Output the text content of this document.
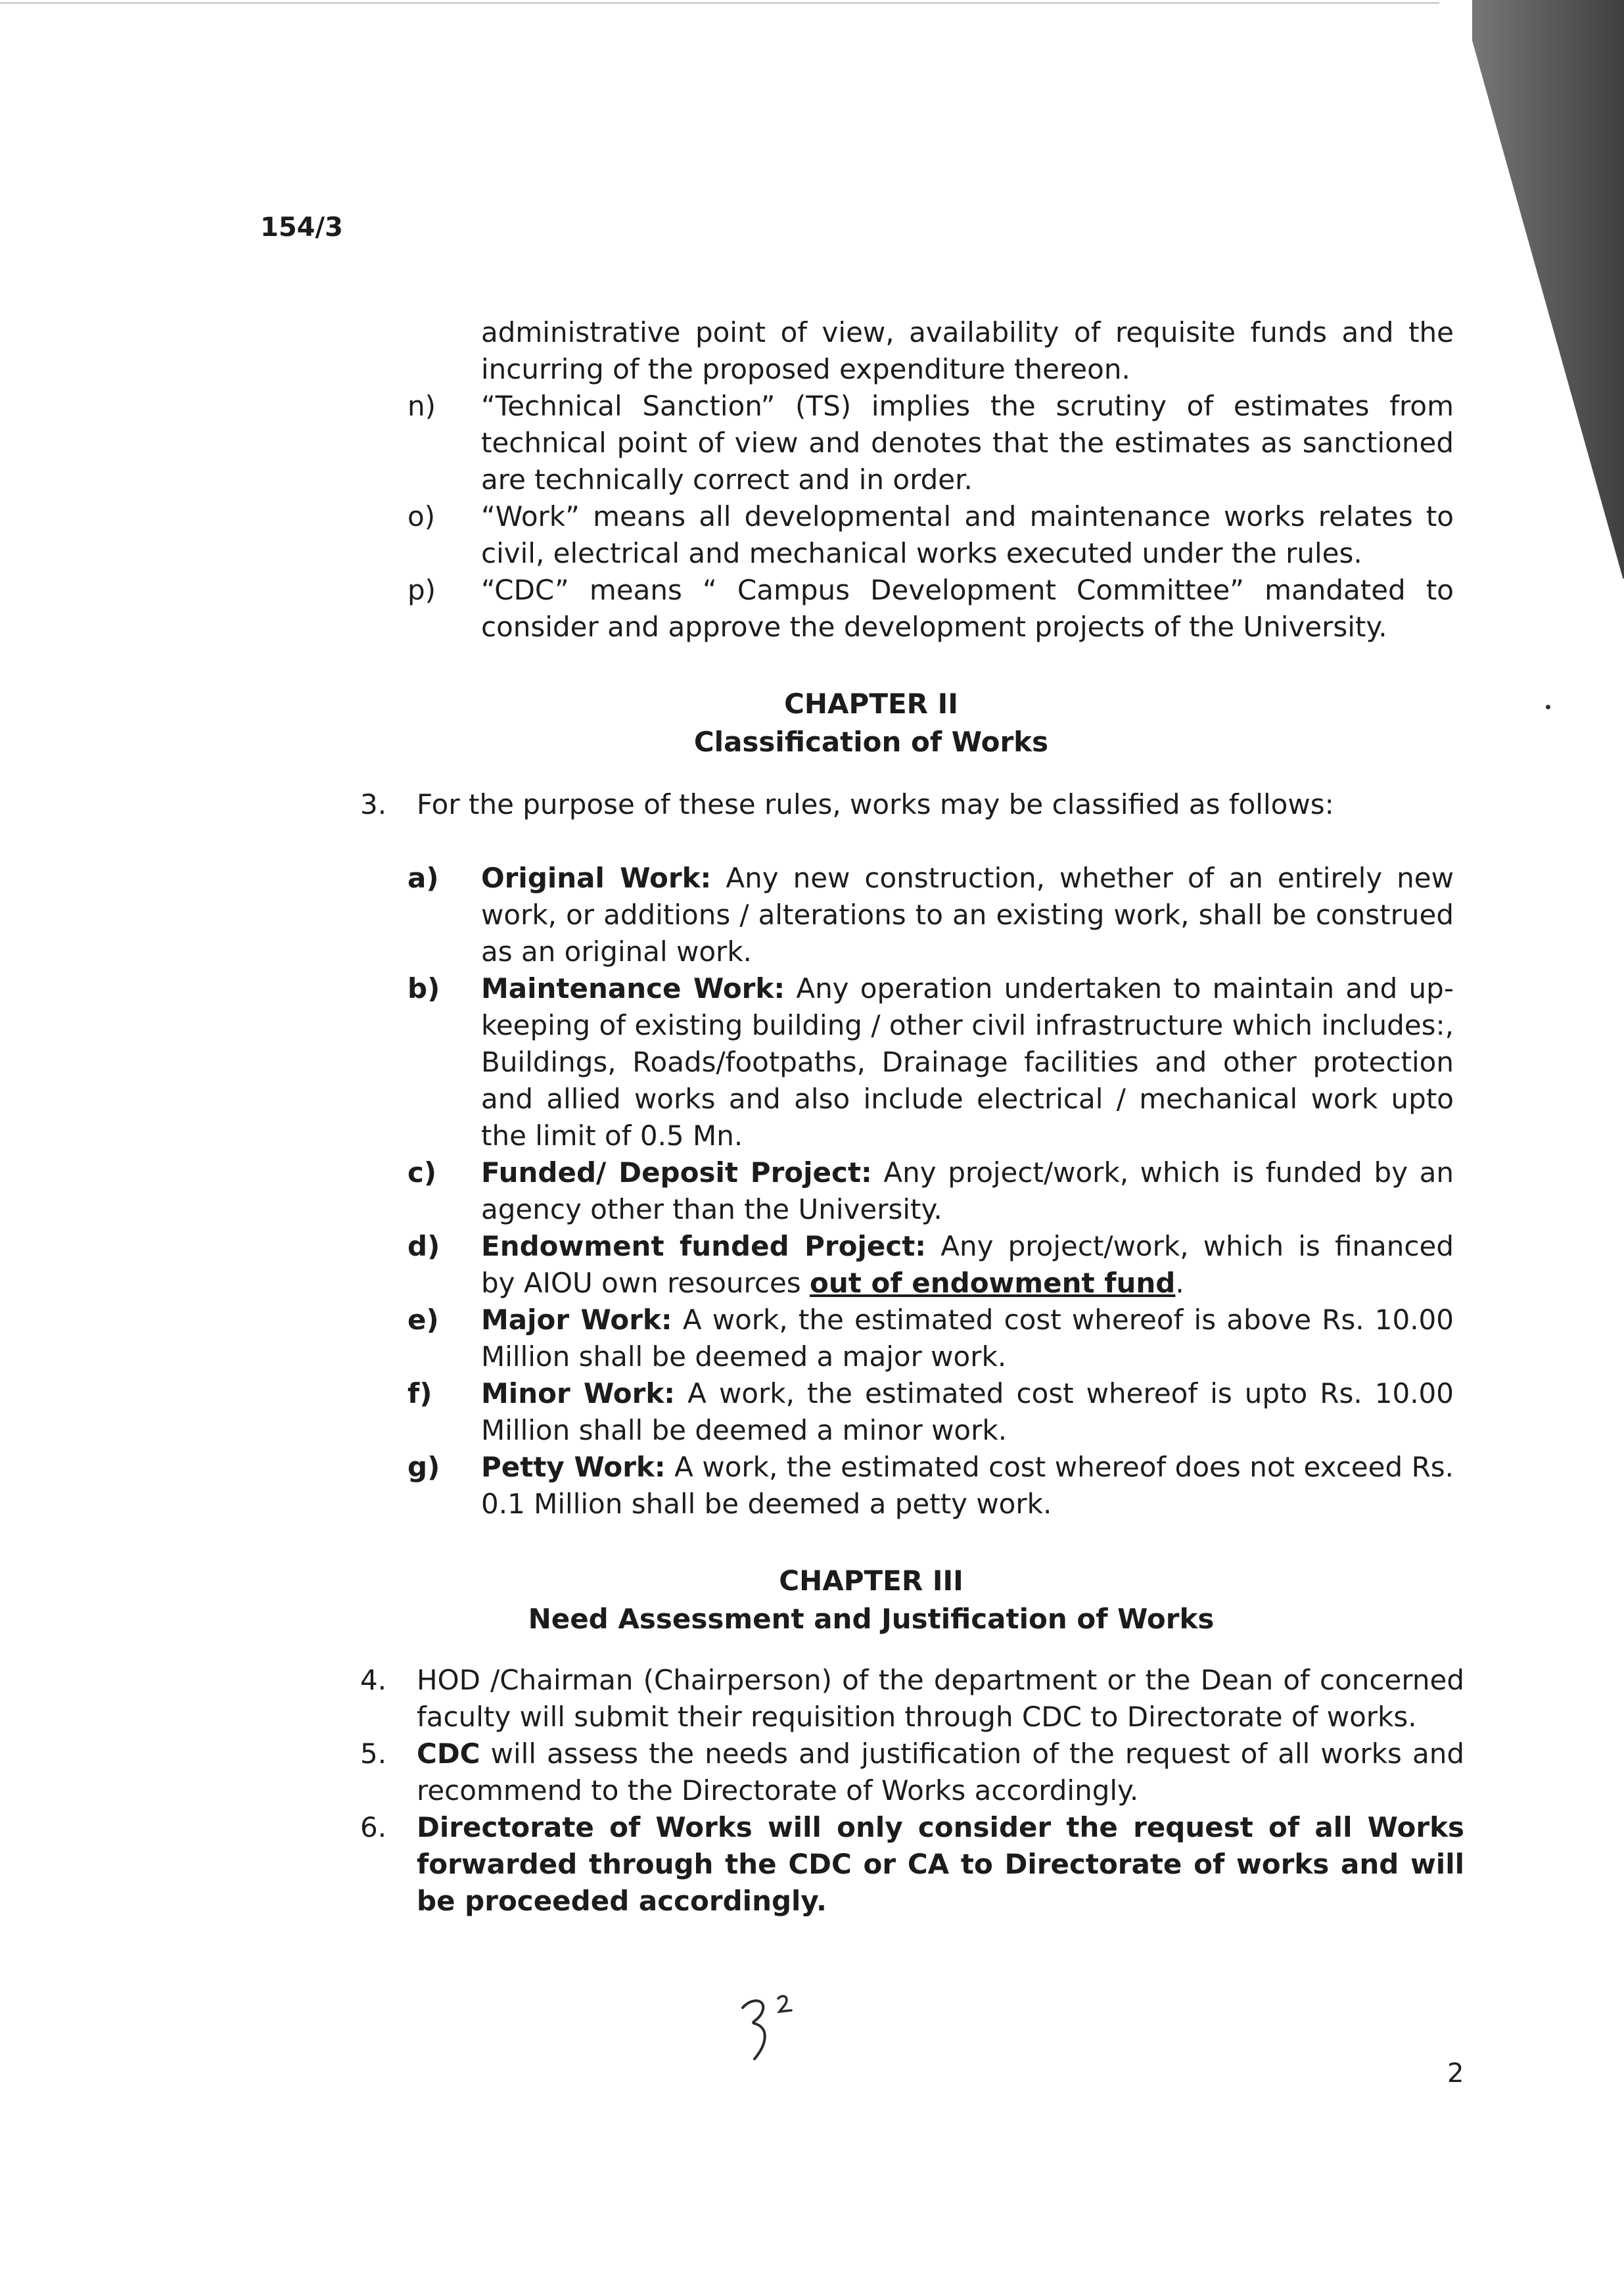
154/3

administrative point of view, availability of requisite funds and the incurring of the proposed expenditure thereon.

n)	“Technical Sanction” (TS) implies the scrutiny of estimates from technical point of view and denotes that the estimates as sanctioned are technically correct and in order.
o)	“Work” means all developmental and maintenance works relates to civil, electrical and mechanical works executed under the rules.
p)	“CDC” means “ Campus Development Committee” mandated to consider and approve the development projects of the University.
CHAPTER II
Classification of Works
3.	For the purpose of these rules, works may be classified as follows:
a)	Original Work: Any new construction, whether of an entirely new work, or additions / alterations to an existing work, shall be construed as an original work.
b)	Maintenance Work: Any operation undertaken to maintain and up-keeping of existing building / other civil infrastructure which includes:, Buildings, Roads/footpaths, Drainage facilities and other protection and allied works and also include electrical / mechanical work upto the limit of 0.5 Mn.
c)	Funded/ Deposit Project: Any project/work, which is funded by an agency other than the University.
d)	Endowment funded Project: Any project/work, which is financed by AIOU own resources out of endowment fund.
e)	Major Work: A work, the estimated cost whereof is above Rs. 10.00 Million shall be deemed a major work.
f)	Minor Work: A work, the estimated cost whereof is upto Rs. 10.00 Million shall be deemed a minor work.
g)	Petty Work: A work, the estimated cost whereof does not exceed Rs. 0.1 Million shall be deemed a petty work.
CHAPTER III
Need Assessment and Justification of Works
4.	HOD /Chairman (Chairperson) of the department or the Dean of concerned faculty will submit their requisition through CDC to Directorate of works.
5.	CDC will assess the needs and justification of the request of all works and recommend to the Directorate of Works accordingly.
6.	Directorate of Works will only consider the request of all Works forwarded through the CDC or CA to Directorate of works and will be proceeded accordingly.
2
